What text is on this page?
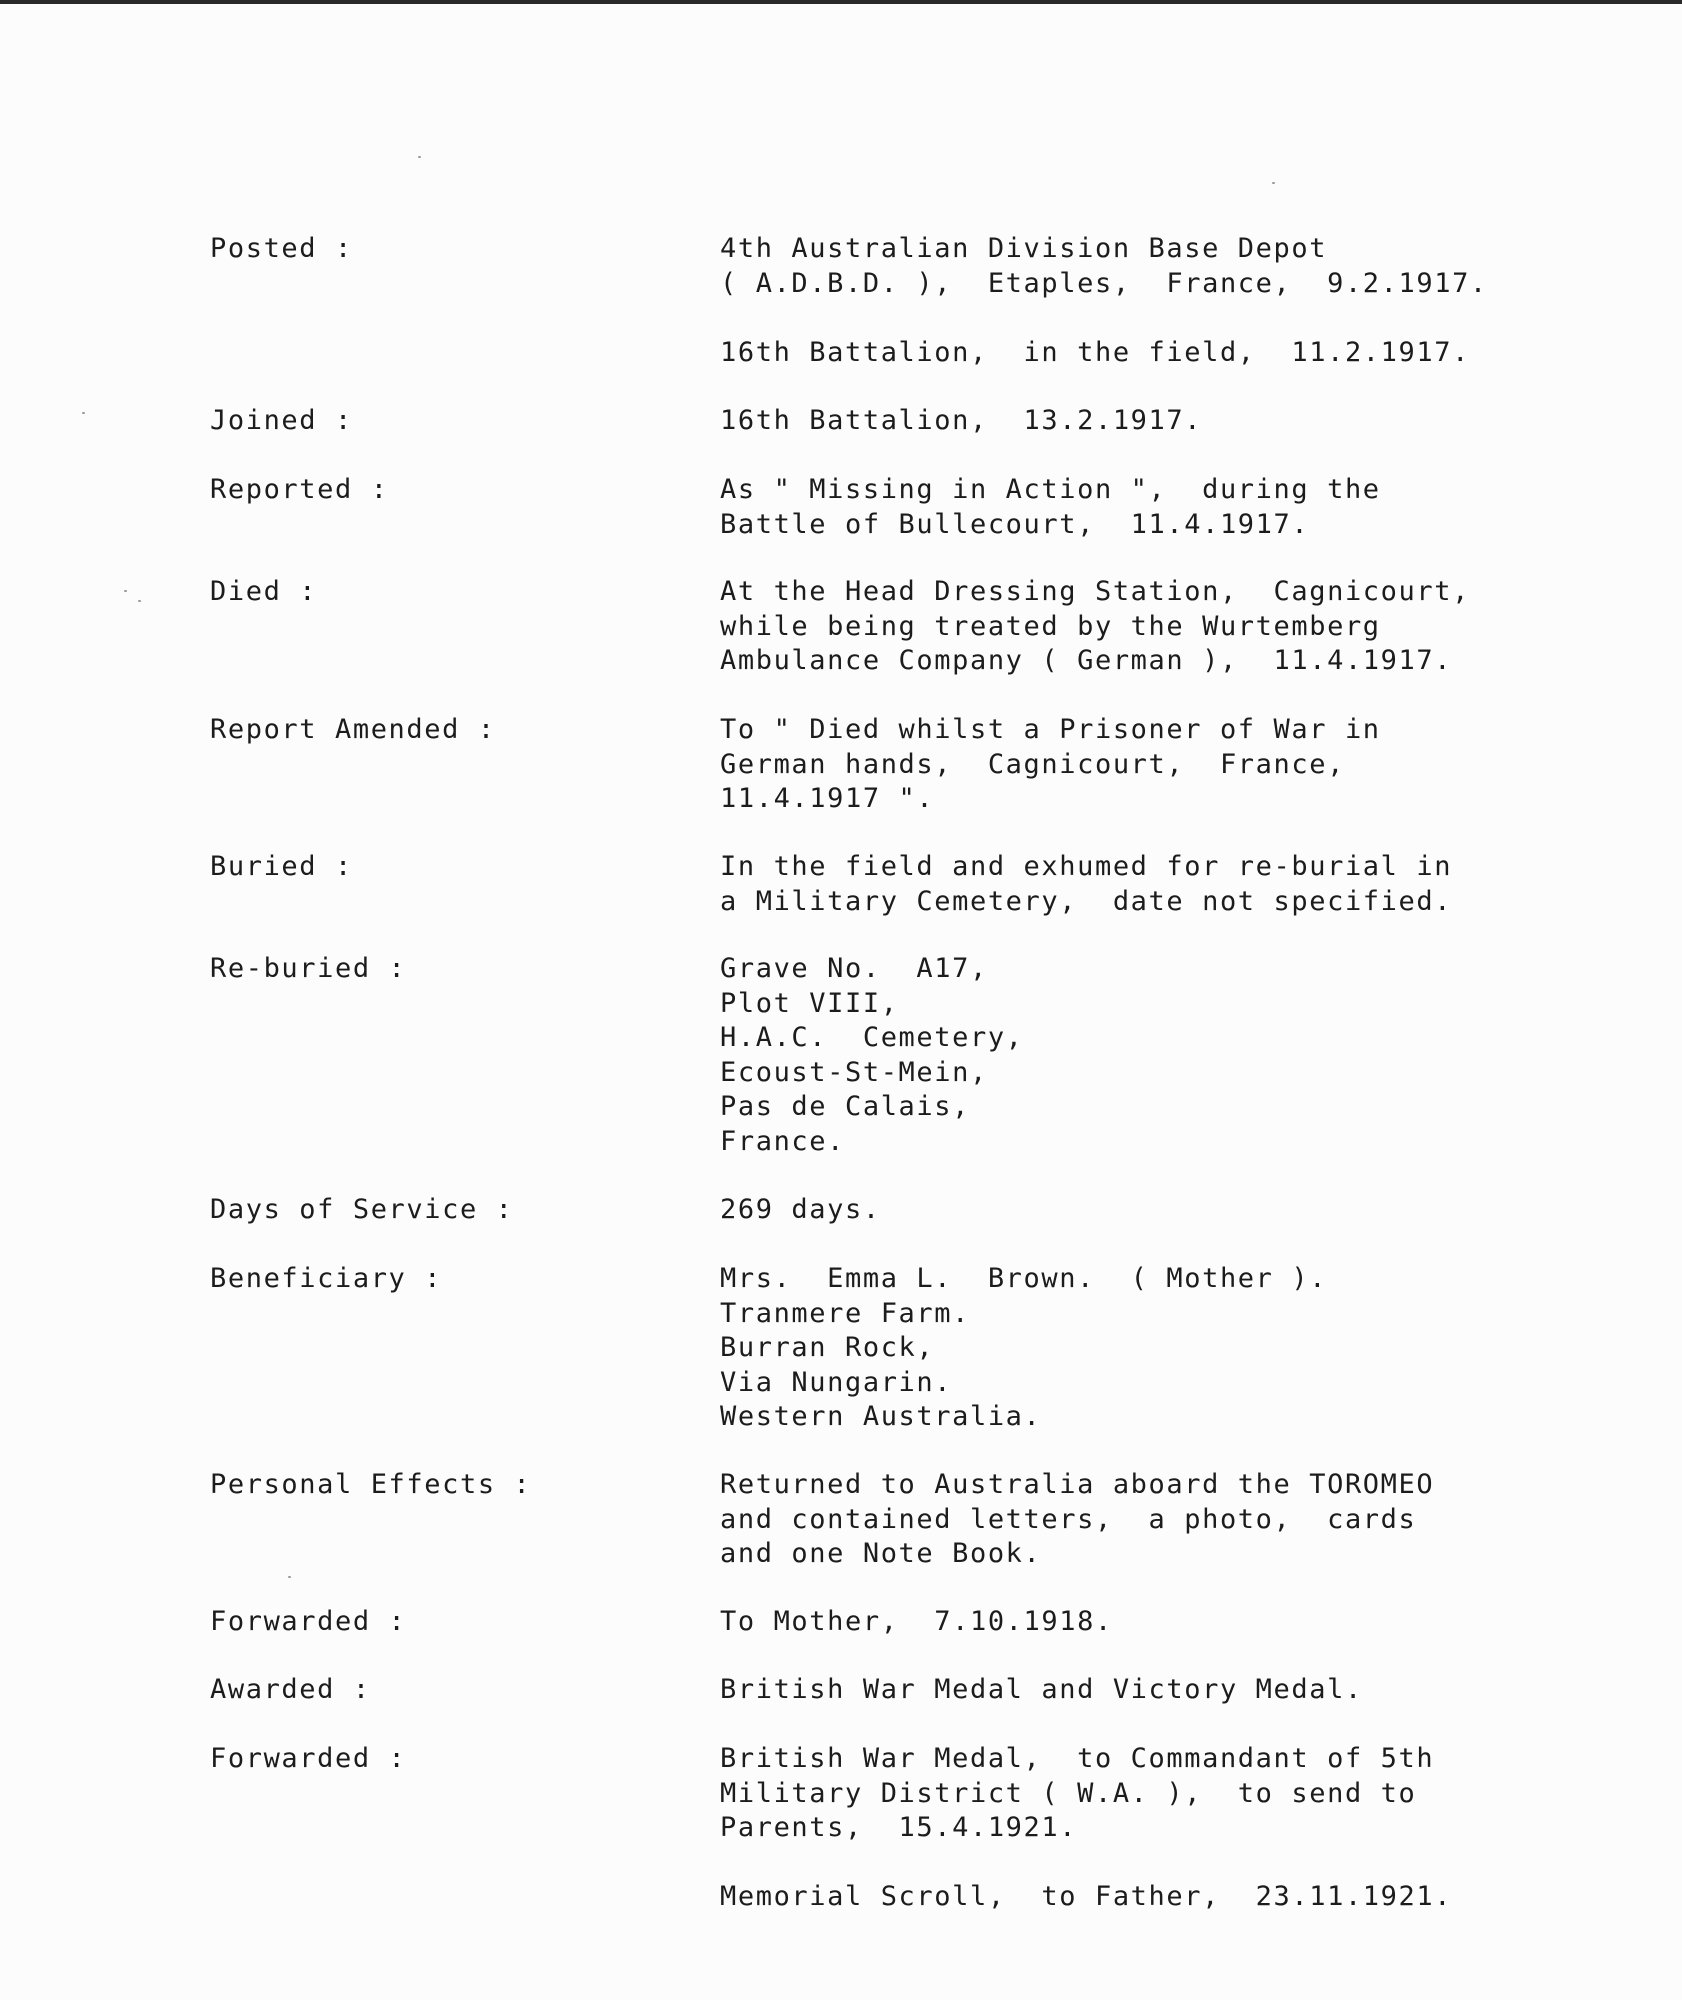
Posted :	4th Australian Division Base Depot
( A.D.B.D. ),  Etaples,  France,  9.2.1917.
16th Battalion,  in the field,  11.2.1917.
Joined :	16th Battalion,  13.2.1917.
Reported :	As " Missing in Action ",  during the
Battle of Bullecourt,  11.4.1917.
Died :	At the Head Dressing Station,  Cagnicourt,
while being treated by the Wurtemberg
Ambulance Company ( German ),  11.4.1917.
Report Amended :	To " Died whilst a Prisoner of War in
German hands,  Cagnicourt,  France,
11.4.1917 ".
Buried :	In the field and exhumed for re-burial in
a Military Cemetery,  date not specified.
Re-buried :	Grave No.  A17,
Plot VIII,
H.A.C.  Cemetery,
Ecoust-St-Mein,
Pas de Calais,
France.
Days of Service :	269 days.
Beneficiary :	Mrs.  Emma L.  Brown.  ( Mother ).
Tranmere Farm.
Burran Rock,
Via Nungarin.
Western Australia.
Personal Effects :	Returned to Australia aboard the TOROMEO
and contained letters,  a photo,  cards
and one Note Book.
Forwarded :	To Mother,  7.10.1918.
Awarded :	British War Medal and Victory Medal.
Forwarded :	British War Medal,  to Commandant of 5th
Military District ( W.A. ),  to send to
Parents,  15.4.1921.
Memorial Scroll,  to Father,  23.11.1921.
